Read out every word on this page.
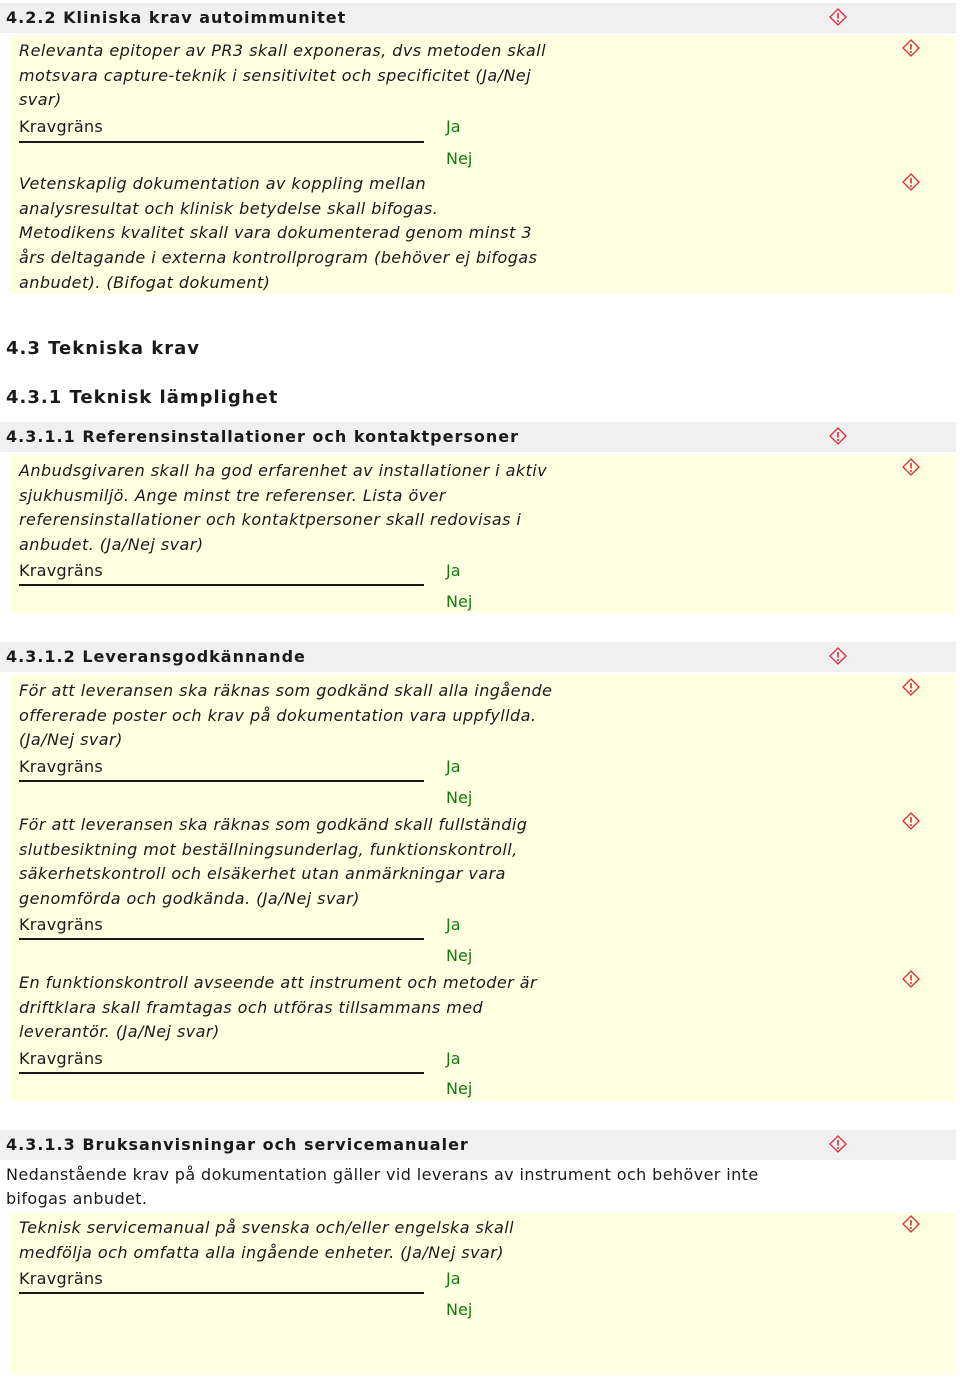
4.2.2 Kliniska krav autoimmunitet
Relevanta epitoper av PR3 skall exponeras, dvs metoden skall motsvara capture-teknik i sensitivitet och specificitet (Ja/Nej svar)
Kravgräns	Ja
Nej
Vetenskaplig dokumentation av koppling mellan analysresultat och klinisk betydelse skall bifogas. Metodikens kvalitet skall vara dokumenterad genom minst 3 års deltagande i externa kontrollprogram (behöver ej bifogas anbudet). (Bifogat dokument)
4.3 Tekniska krav
4.3.1 Teknisk lämplighet
4.3.1.1 Referensinstallationer och kontaktpersoner
Anbudsgivaren skall ha god erfarenhet av installationer i aktiv sjukhusmiljö. Ange minst tre referenser. Lista över referensinstallationer och kontaktpersoner skall redovisas i anbudet. (Ja/Nej svar)
Kravgräns	Ja
Nej
4.3.1.2 Leveransgodkännande
För att leveransen ska räknas som godkänd skall alla ingående offererade poster och krav på dokumentation vara uppfyllda. (Ja/Nej svar)
Kravgräns	Ja
Nej
För att leveransen ska räknas som godkänd skall fullständig slutbesiktning mot beställningsunderlag, funktionskontroll, säkerhetskontroll och elsäkerhet utan anmärkningar vara genomförda och godkända. (Ja/Nej svar)
Kravgräns	Ja
Nej
En funktionskontroll avseende att instrument och metoder är driftklara skall framtagas och utföras tillsammans med leverantör. (Ja/Nej svar)
Kravgräns	Ja
Nej
4.3.1.3 Bruksanvisningar och servicemanualer
Nedanstående krav på dokumentation gäller vid leverans av instrument och behöver inte bifogas anbudet.
Teknisk servicemanual på svenska och/eller engelska skall medfölja och omfatta alla ingående enheter. (Ja/Nej svar)
Kravgräns	Ja
Nej
